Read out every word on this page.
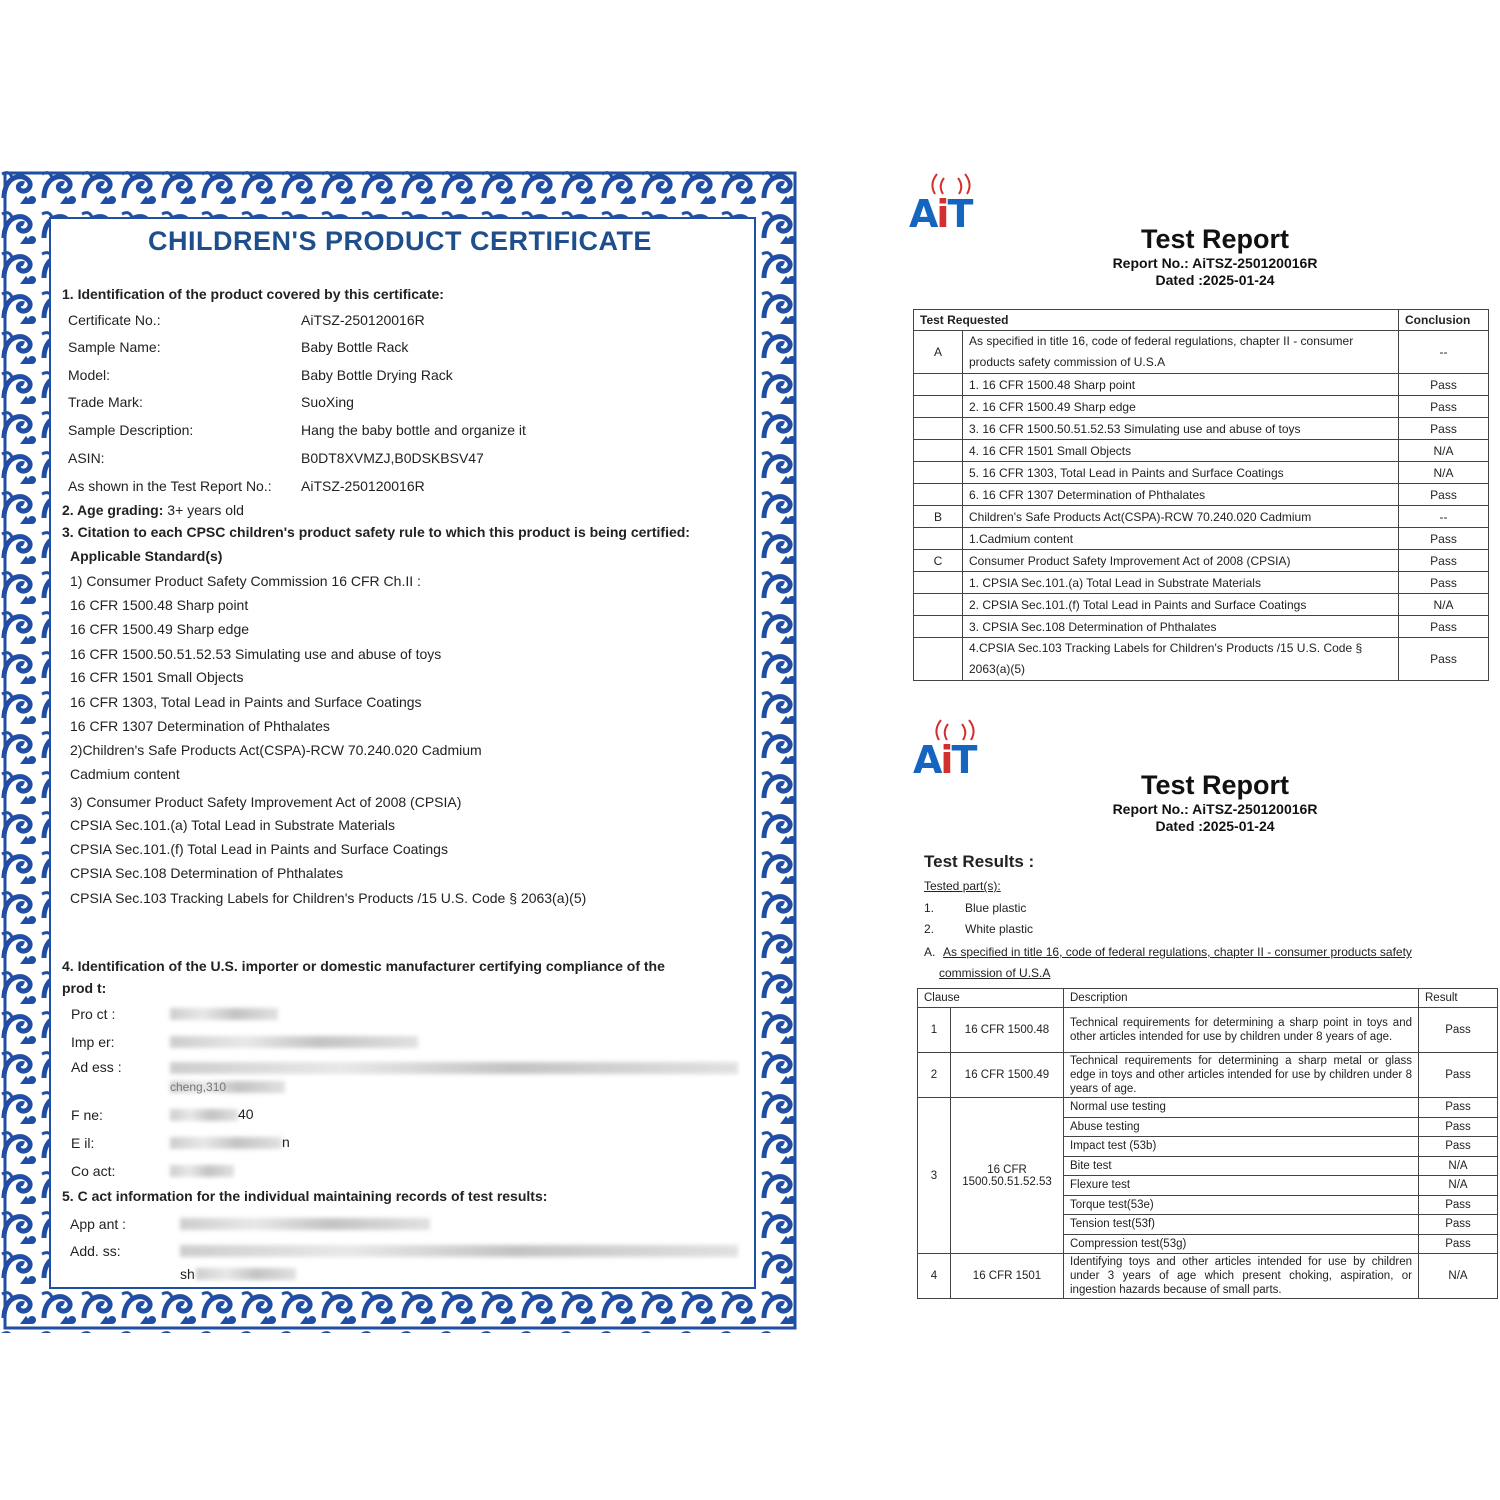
CHILDREN'S PRODUCT CERTIFICATE
1. Identification of the product covered by this certificate:
Certificate No.:	AiTSZ-250120016R
Sample Name:	Baby Bottle Rack
Model:	Baby Bottle Drying Rack
Trade Mark:	SuoXing
Sample Description:	Hang the baby bottle and organize it
ASIN:	B0DT8XVMZJ,B0DSKBSV47
As shown in the Test Report No.: AiTSZ-250120016R
2. Age grading: 3+ years old
3. Citation to each CPSC children's product safety rule to which this product is being certified:
Applicable Standard(s)
1) Consumer Product Safety Commission 16 CFR Ch.II :
16 CFR 1500.48 Sharp point
16 CFR 1500.49 Sharp edge
16 CFR 1500.50.51.52.53 Simulating use and abuse of toys
16 CFR 1501 Small Objects
16 CFR 1303, Total Lead in Paints and Surface Coatings
16 CFR 1307 Determination of Phthalates
2)Children's Safe Products Act(CSPA)-RCW 70.240.020 Cadmium
Cadmium content
3) Consumer Product Safety Improvement Act of 2008 (CPSIA)
CPSIA Sec.101.(a) Total Lead in Substrate Materials
CPSIA Sec.101.(f) Total Lead in Paints and Surface Coatings
CPSIA Sec.108 Determination of Phthalates
CPSIA Sec.103 Tracking Labels for Children's Products /15 U.S. Code § 2063(a)(5)
4. Identification of the U.S. importer or domestic manufacturer certifying compliance of the
prod t:
Pro ct :
Imp er:
Ad ess :
cheng,310
F ne:	40
E il:	n
Co act:
5. C act information for the individual maintaining records of test results:
App ant :
Add. ss:
sh
AiT
Test Report
Report No.: AiTSZ-250120016R
Dated :2025-01-24
Test Requested		Conclusion
A	As specified in title 16, code of federal regulations, chapter II - consumer products safety commission of U.S.A	--
	1. 16 CFR 1500.48 Sharp point	Pass
	2. 16 CFR 1500.49 Sharp edge	Pass
	3. 16 CFR 1500.50.51.52.53 Simulating use and abuse of toys	Pass
	4. 16 CFR 1501 Small Objects	N/A
	5. 16 CFR 1303, Total Lead in Paints and Surface Coatings	N/A
	6. 16 CFR 1307 Determination of Phthalates	Pass
B	Children's Safe Products Act(CSPA)-RCW 70.240.020 Cadmium	--
	1.Cadmium content	Pass
C	Consumer Product Safety Improvement Act of 2008 (CPSIA)	Pass
	1. CPSIA Sec.101.(a) Total Lead in Substrate Materials	Pass
	2. CPSIA Sec.101.(f) Total Lead in Paints and Surface Coatings	N/A
	3. CPSIA Sec.108 Determination of Phthalates	Pass
	4.CPSIA Sec.103 Tracking Labels for Children's Products /15 U.S. Code § 2063(a)(5)	Pass
AiT
Test Report
Report No.: AiTSZ-250120016R
Dated :2025-01-24
Test Results :
Tested part(s):
1.	Blue plastic
2.	White plastic
A. As specified in title 16, code of federal regulations, chapter II - consumer products safety
commission of U.S.A
Clause		Description	Result
1	16 CFR 1500.48	Technical requirements for determining a sharp point in toys and other articles intended for use by children under 8 years of age.	Pass
2	16 CFR 1500.49	Technical requirements for determining a sharp metal or glass edge in toys and other articles intended for use by children under 8 years of age.	Pass
3	16 CFR 1500.50.51.52.53	Normal use testing	Pass
		Abuse testing	Pass
		Impact test (53b)	Pass
		Bite test	N/A
		Flexure test	N/A
		Torque test(53e)	Pass
		Tension test(53f)	Pass
		Compression test(53g)	Pass
4	16 CFR 1501	Identifying toys and other articles intended for use by children under 3 years of age which present choking, aspiration, or ingestion hazards because of small parts.	N/A
